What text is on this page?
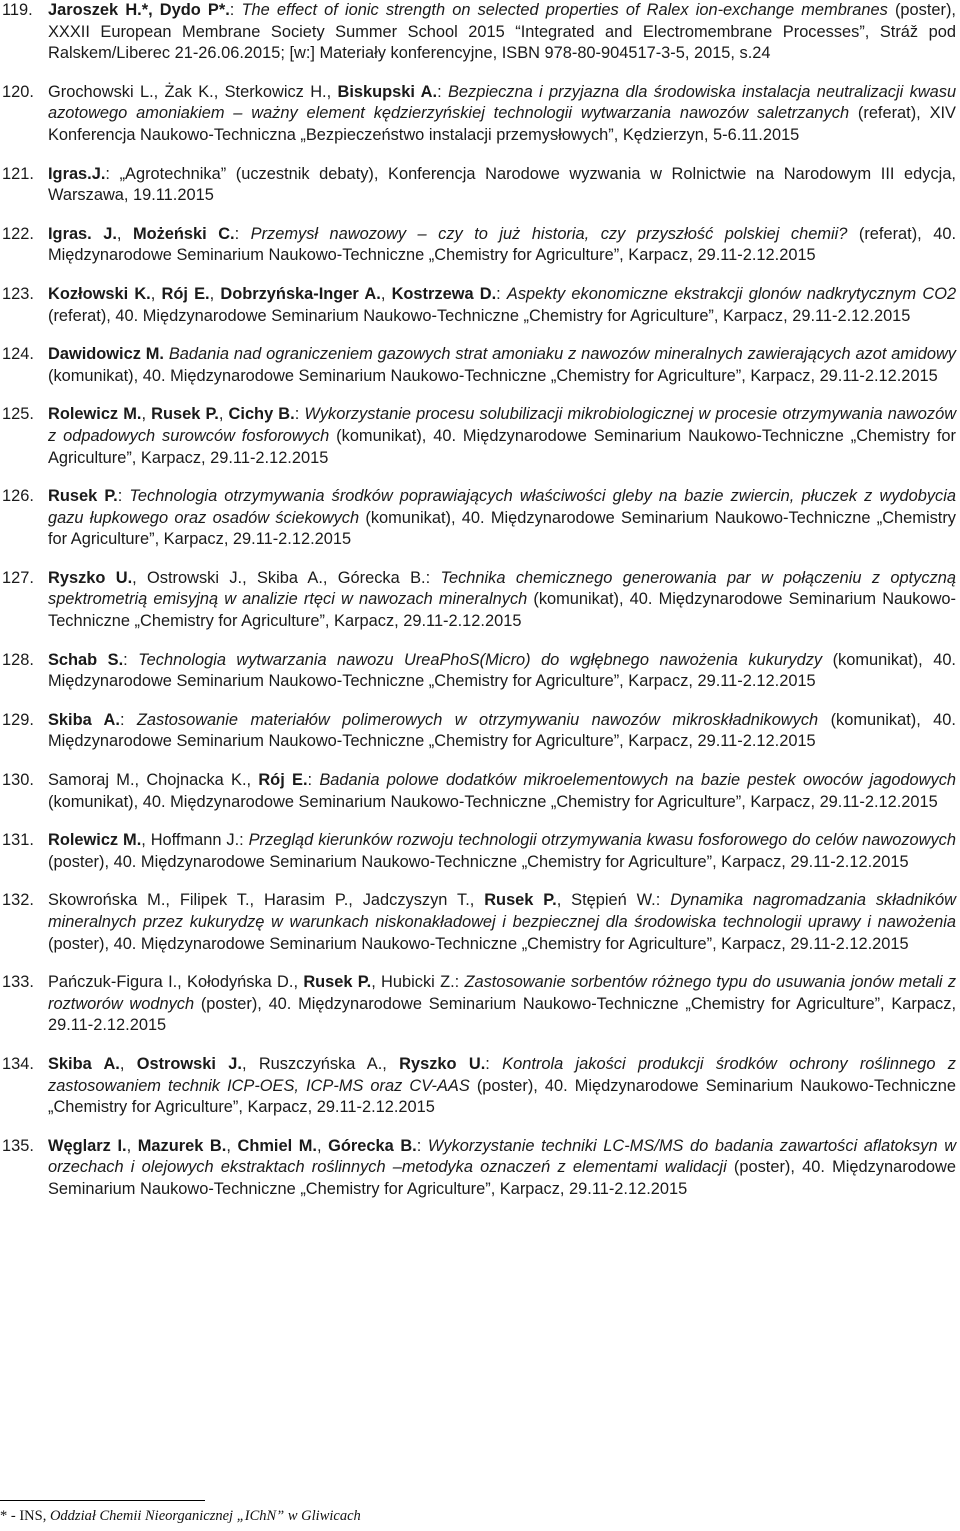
119. Jaroszek H.*, Dydo P*.: The effect of ionic strength on selected properties of Ralex ion-exchange membranes (poster), XXXII European Membrane Society Summer School 2015 “Integrated and Electromembrane Processes”, Stráž pod Ralskem/Liberec 21-26.06.2015; [w:] Materiały konferencyjne, ISBN 978-80-904517-3-5, 2015, s.24
120. Grochowski L., Żak K., Sterkowicz H., Biskupski A.: Bezpieczna i przyjazna dla środowiska instalacja neutralizacji kwasu azotowego amoniakiem – ważny element kędzierzyńskiej technologii wytwarzania nawozów saletrzanych (referat), XIV Konferencja Naukowo-Techniczna „Bezpieczeństwo instalacji przemysłowych”, Kędzierzyn, 5-6.11.2015
121. Igras.J.: „Agrotechnika” (uczestnik debaty), Konferencja Narodowe wyzwania w Rolnictwie na Narodowym III edycja, Warszawa, 19.11.2015
122. Igras. J., Możeński C.: Przemysł nawozowy – czy to już historia, czy przyszłość polskiej chemii? (referat), 40. Międzynarodowe Seminarium Naukowo-Techniczne „Chemistry for Agriculture”, Karpacz, 29.11-2.12.2015
123. Kozłowski K., Rój E., Dobrzyńska-Inger A., Kostrzewa D.: Aspekty ekonomiczne ekstrakcji glonów nadkrytycznym CO2 (referat), 40. Międzynarodowe Seminarium Naukowo-Techniczne „Chemistry for Agriculture”, Karpacz, 29.11-2.12.2015
124. Dawidowicz M. Badania nad ograniczeniem gazowych strat amoniaku z nawozów mineralnych zawierających azot amidowy (komunikat), 40. Międzynarodowe Seminarium Naukowo-Techniczne „Chemistry for Agriculture”, Karpacz, 29.11-2.12.2015
125. Rolewicz M., Rusek P., Cichy B.: Wykorzystanie procesu solubilizacji mikrobiologicznej w procesie otrzymywania nawozów z odpadowych surowców fosforowych (komunikat), 40. Międzynarodowe Seminarium Naukowo-Techniczne „Chemistry for Agriculture”, Karpacz, 29.11-2.12.2015
126. Rusek P.: Technologia otrzymywania środków poprawiających właściwości gleby na bazie zwiercin, płuczek z wydobycia gazu łupkowego oraz osadów ściekowych (komunikat), 40. Międzynarodowe Seminarium Naukowo-Techniczne „Chemistry for Agriculture”, Karpacz, 29.11-2.12.2015
127. Ryszko U., Ostrowski J., Skiba A., Górecka B.: Technika chemicznego generowania par w połączeniu z optyczną spektrometrią emisyjną w analizie rtęci w nawozach mineralnych (komunikat), 40. Międzynarodowe Seminarium Naukowo-Techniczne „Chemistry for Agriculture”, Karpacz, 29.11-2.12.2015
128. Schab S.: Technologia wytwarzania nawozu UreaPhoS(Micro) do wgłębnego nawożenia kukurydzy (komunikat), 40. Międzynarodowe Seminarium Naukowo-Techniczne „Chemistry for Agriculture”, Karpacz, 29.11-2.12.2015
129. Skiba A.: Zastosowanie materiałów polimerowych w otrzymywaniu nawozów mikroskładnikowych (komunikat), 40. Międzynarodowe Seminarium Naukowo-Techniczne „Chemistry for Agriculture”, Karpacz, 29.11-2.12.2015
130. Samoraj M., Chojnacka K., Rój E.: Badania polowe dodatków mikroelementowych na bazie pestek owoców jagodowych (komunikat), 40. Międzynarodowe Seminarium Naukowo-Techniczne „Chemistry for Agriculture”, Karpacz, 29.11-2.12.2015
131. Rolewicz M., Hoffmann J.: Przegląd kierunków rozwoju technologii otrzymywania kwasu fosforowego do celów nawozowych (poster), 40. Międzynarodowe Seminarium Naukowo-Techniczne „Chemistry for Agriculture”, Karpacz, 29.11-2.12.2015
132. Skowrońska M., Filipek T., Harasim P., Jadczyszyn T., Rusek P., Stępień W.: Dynamika nagromadzania składników mineralnych przez kukurydzę w warunkach niskonakładowej i bezpiecznej dla środowiska technologii uprawy i nawożenia (poster), 40. Międzynarodowe Seminarium Naukowo-Techniczne „Chemistry for Agriculture”, Karpacz, 29.11-2.12.2015
133. Pańczuk-Figura I., Kołodyńska D., Rusek P., Hubicki Z.: Zastosowanie sorbentów różnego typu do usuwania jonów metali z roztworów wodnych (poster), 40. Międzynarodowe Seminarium Naukowo-Techniczne „Chemistry for Agriculture”, Karpacz, 29.11-2.12.2015
134. Skiba A., Ostrowski J., Ruszczyńska A., Ryszko U.: Kontrola jakości produkcji środków ochrony roślinnego z zastosowaniem technik ICP-OES, ICP-MS oraz CV-AAS (poster), 40. Międzynarodowe Seminarium Naukowo-Techniczne „Chemistry for Agriculture”, Karpacz, 29.11-2.12.2015
135. Węglarz I., Mazurek B., Chmiel M., Górecka B.: Wykorzystanie techniki LC-MS/MS do badania zawartości aflatoksyn w orzechach i olejowych ekstraktach roślinnych –metodyka oznaczeń z elementami walidacji (poster), 40. Międzynarodowe Seminarium Naukowo-Techniczne „Chemistry for Agriculture”, Karpacz, 29.11-2.12.2015
* - INS, Oddział Chemii Nieorganicznej „IChN” w Gliwicach
